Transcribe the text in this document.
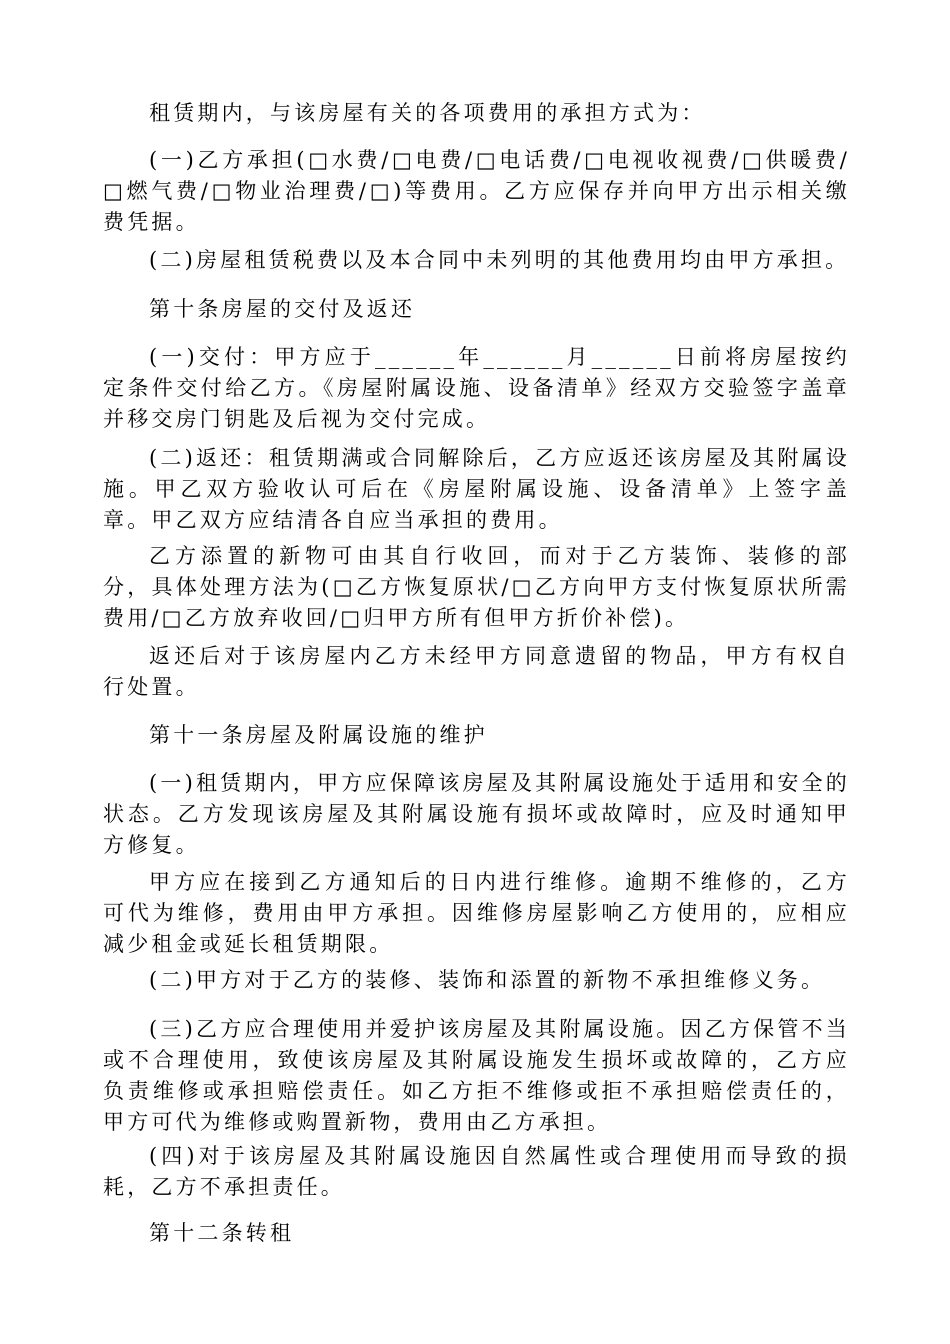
租赁期内，与该房屋有关的各项费用的承担方式为：

(一)乙方承担(□水费/□电费/□电话费/□电视收视费/□供暖费/□燃气费/□物业治理费/□)等费用。乙方应保存并向甲方出示相关缴费凭据。

(二)房屋租赁税费以及本合同中未列明的其他费用均由甲方承担。

第十条房屋的交付及返还

(一)交付：甲方应于______年______月______日前将房屋按约定条件交付给乙方。《房屋附属设施、设备清单》经双方交验签字盖章并移交房门钥匙及后视为交付完成。

(二)返还：租赁期满或合同解除后，乙方应返还该房屋及其附属设施。甲乙双方验收认可后在《房屋附属设施、设备清单》上签字盖章。甲乙双方应结清各自应当承担的费用。

乙方添置的新物可由其自行收回，而对于乙方装饰、装修的部分，具体处理方法为(□乙方恢复原状/□乙方向甲方支付恢复原状所需费用/□乙方放弃收回/□归甲方所有但甲方折价补偿)。

返还后对于该房屋内乙方未经甲方同意遗留的物品，甲方有权自行处置。

第十一条房屋及附属设施的维护

(一)租赁期内，甲方应保障该房屋及其附属设施处于适用和安全的状态。乙方发现该房屋及其附属设施有损坏或故障时，应及时通知甲方修复。

甲方应在接到乙方通知后的日内进行维修。逾期不维修的，乙方可代为维修，费用由甲方承担。因维修房屋影响乙方使用的，应相应减少租金或延长租赁期限。

(二)甲方对于乙方的装修、装饰和添置的新物不承担维修义务。

(三)乙方应合理使用并爱护该房屋及其附属设施。因乙方保管不当或不合理使用，致使该房屋及其附属设施发生损坏或故障的，乙方应负责维修或承担赔偿责任。如乙方拒不维修或拒不承担赔偿责任的，甲方可代为维修或购置新物，费用由乙方承担。

(四)对于该房屋及其附属设施因自然属性或合理使用而导致的损耗，乙方不承担责任。

第十二条转租
